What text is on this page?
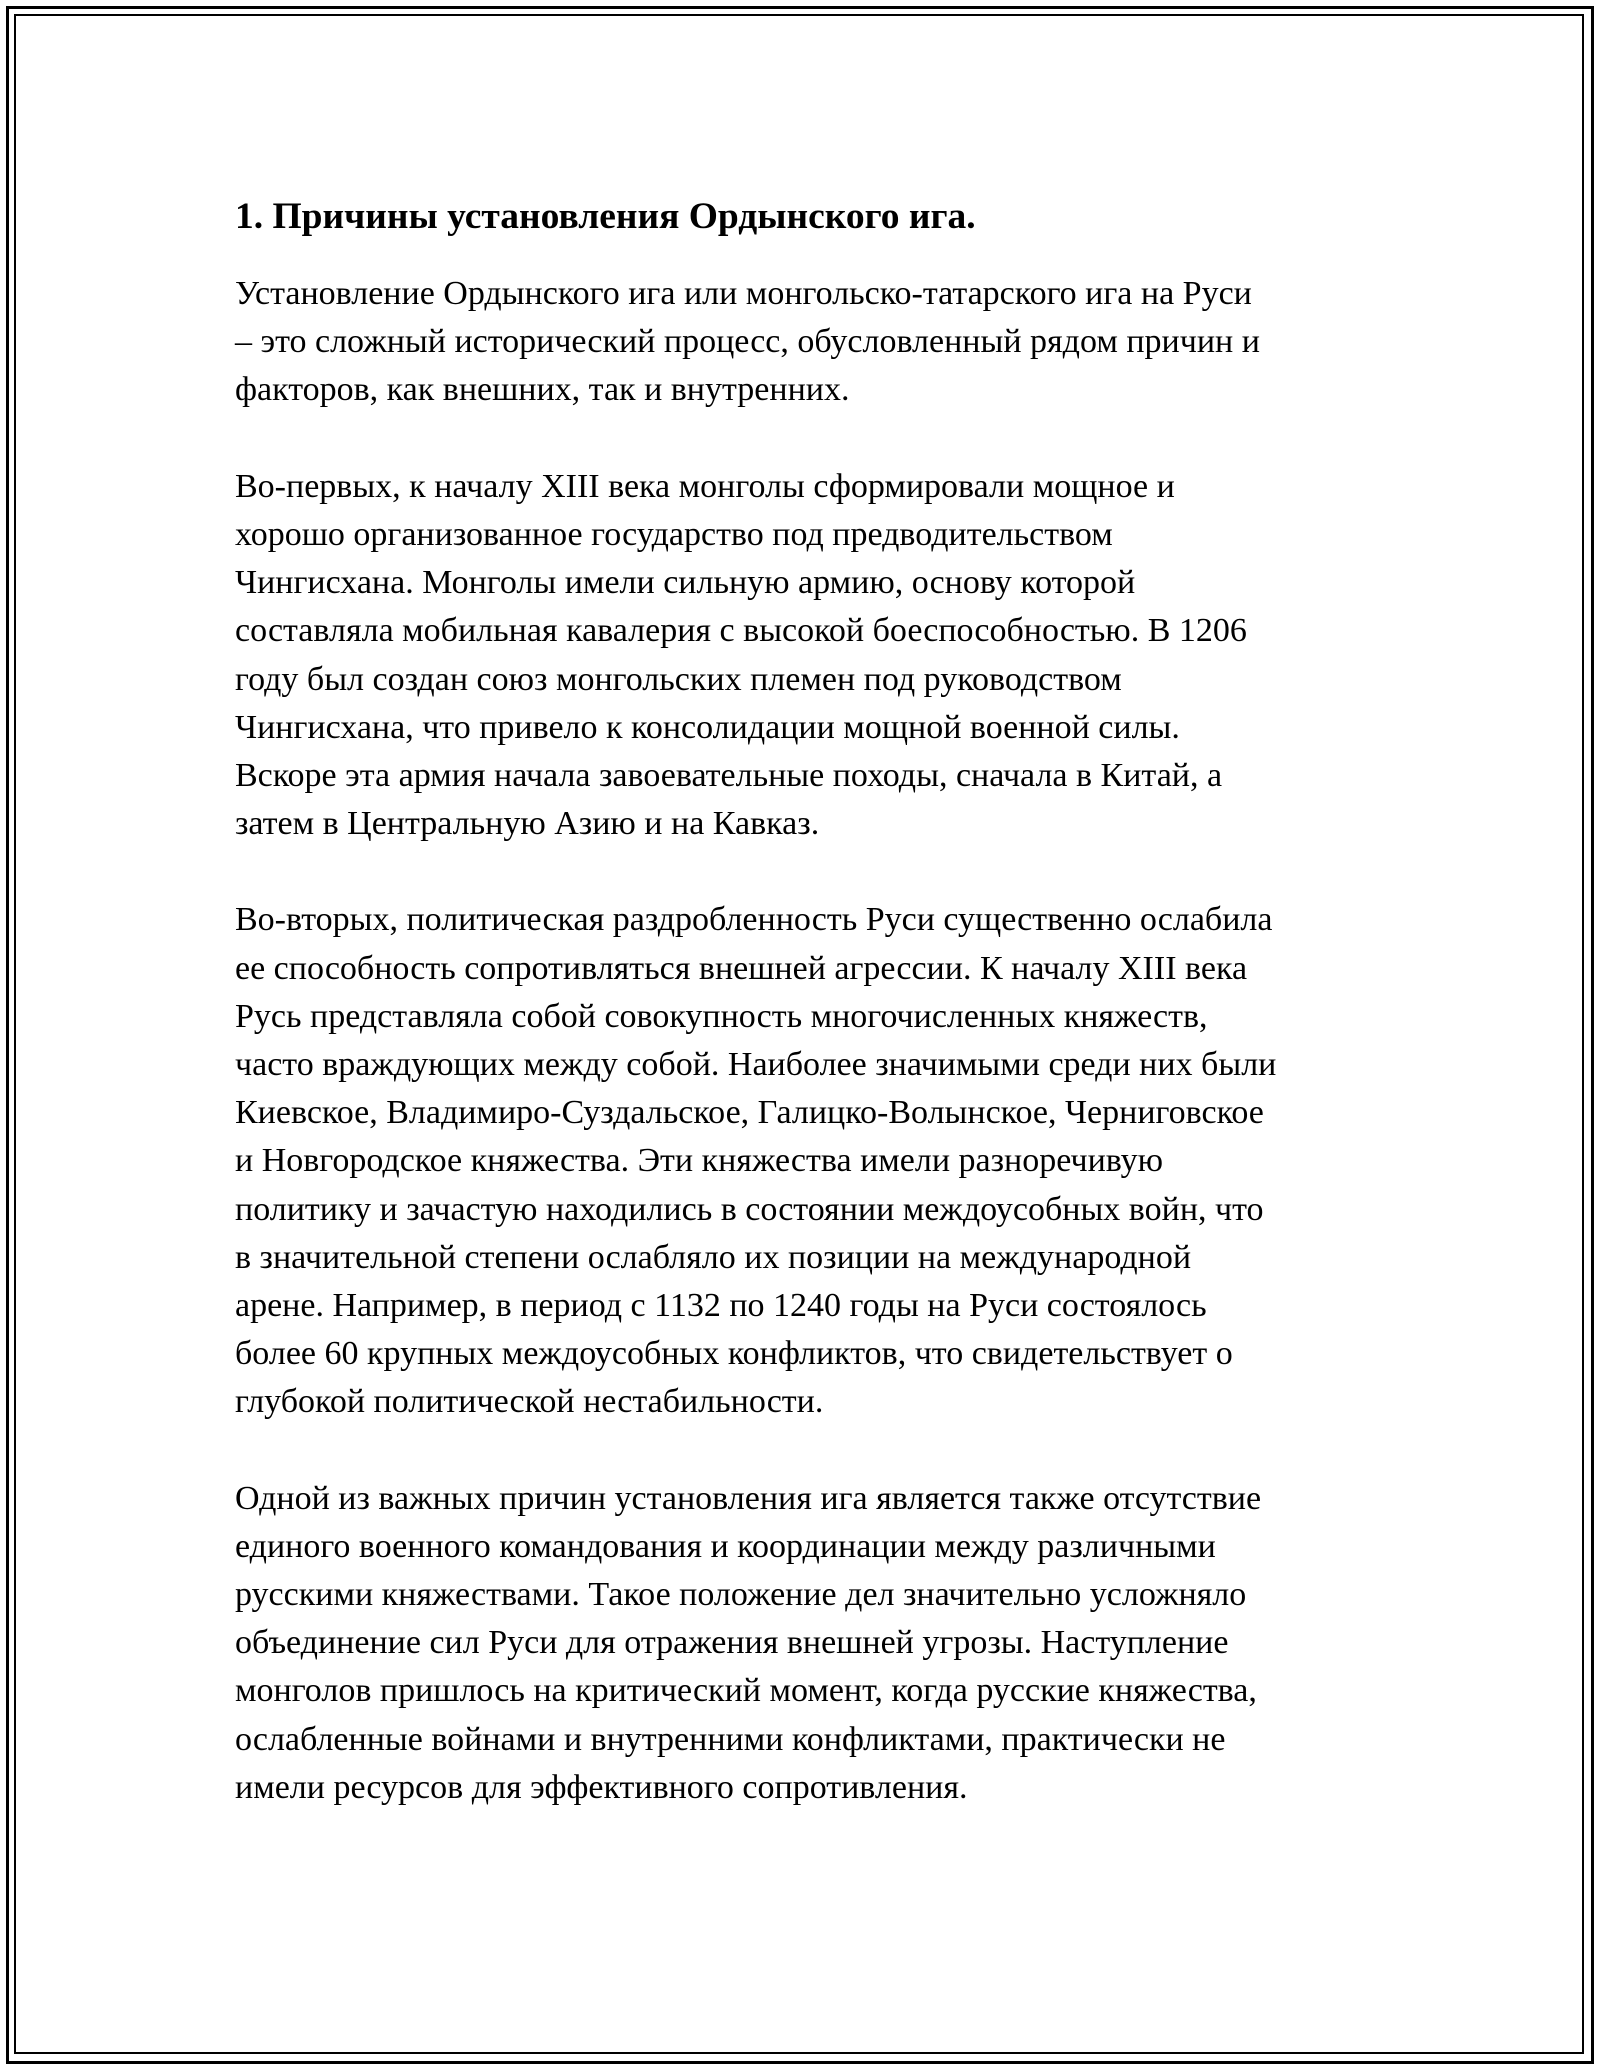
1. Причины установления Ордынского ига.
Установление Ордынского ига или монгольско-татарского ига на Руси
– это сложный исторический процесс, обусловленный рядом причин и
факторов, как внешних, так и внутренних.
Во-первых, к началу XIII века монголы сформировали мощное и
хорошо организованное государство под предводительством
Чингисхана. Монголы имели сильную армию, основу которой
составляла мобильная кавалерия с высокой боеспособностью. В 1206
году был создан союз монгольских племен под руководством
Чингисхана, что привело к консолидации мощной военной силы.
Вскоре эта армия начала завоевательные походы, сначала в Китай, а
затем в Центральную Азию и на Кавказ.
Во-вторых, политическая раздробленность Руси существенно ослабила
ее способность сопротивляться внешней агрессии. К началу XIII века
Русь представляла собой совокупность многочисленных княжеств,
часто враждующих между собой. Наиболее значимыми среди них были
Киевское, Владимиро-Суздальское, Галицко-Волынское, Черниговское
и Новгородское княжества. Эти княжества имели разноречивую
политику и зачастую находились в состоянии междоусобных войн, что
в значительной степени ослабляло их позиции на международной
арене. Например, в период с 1132 по 1240 годы на Руси состоялось
более 60 крупных междоусобных конфликтов, что свидетельствует о
глубокой политической нестабильности.
Одной из важных причин установления ига является также отсутствие
единого военного командования и координации между различными
русскими княжествами. Такое положение дел значительно усложняло
объединение сил Руси для отражения внешней угрозы. Наступление
монголов пришлось на критический момент, когда русские княжества,
ослабленные войнами и внутренними конфликтами, практически не
имели ресурсов для эффективного сопротивления.
